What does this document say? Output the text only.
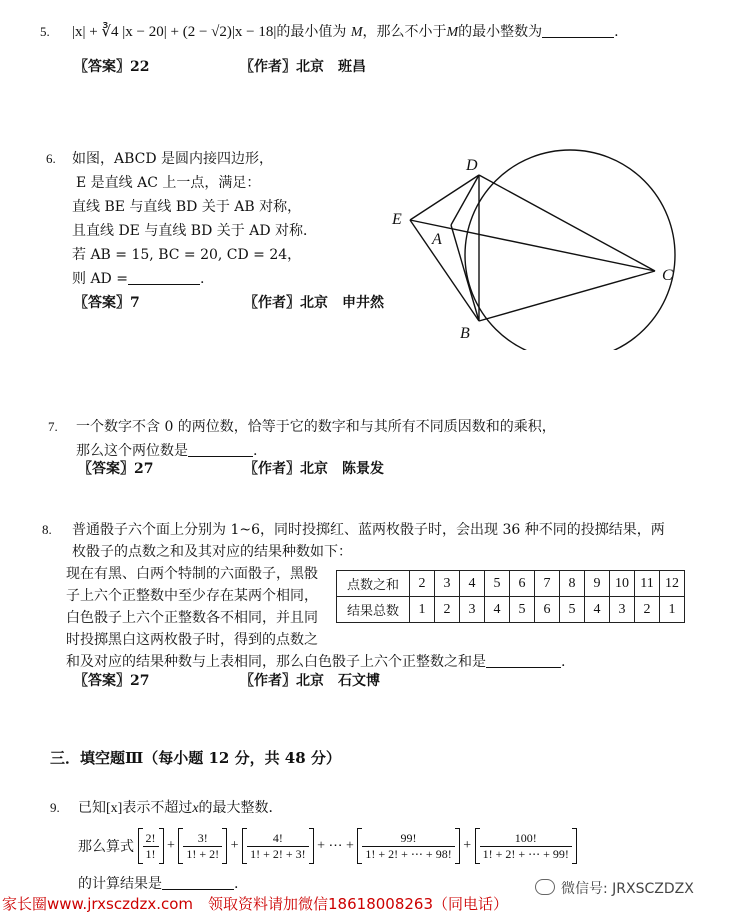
5. |x| + ∛4 |x − 20| + (2 − √2)|x − 18|的最小值为 M，那么不小于M的最小整数为	.
〖答案〗22	〖作者〗北京　班昌
6. 如图，ABCD 是圆内接四边形，
E 是直线 AC 上一点，满足：
直线 BE 与直线 BD 关于 AB 对称，
且直线 DE 与直线 BD 关于 AD 对称．
若 AB = 15, BC = 20, CD = 24，
则 AD =	.
〖答案〗7	〖作者〗北京　申井然
D
E
A
B
C
7. 一个数字不含 0 的两位数，恰等于它的数字和与其所有不同质因数和的乘积，
那么这个两位数是	.
〖答案〗27	〖作者〗北京　陈景发
8. 普通骰子六个面上分别为 1~6，同时投掷红、蓝两枚骰子时，会出现 36 种不同的投掷结果，两
枚骰子的点数之和及其对应的结果种数如下：
现在有黑、白两个特制的六面骰子，黑骰
子上六个正整数中至少存在某两个相同，
白色骰子上六个正整数各不相同，并且同
时投掷黑白这两枚骰子时，得到的点数之
和及对应的结果种数与上表相同，那么白色骰子上六个正整数之和是	.
〖答案〗27	〖作者〗北京　石文博
点数之和	2	3	4	5	6	7	8	9	10	11	12
结果总数	1	2	3	4	5	6	5	4	3	2	1
三．填空题Ⅲ（每小题 12 分，共 48 分）
9. 已知[x]表示不超过x的最大整数．
那么算式 $\frac{2!}{1!} + \frac{3!}{1! + 2!} + \frac{4!}{1! + 2! + 3!}$ + ⋯ + $\frac{99!}{1! + 2! + \cdots + 98!} + \frac{100!}{1! + 2! + \cdots + 99!}$
的计算结果是	.
家长圈www.jrxsczdzx.com　领取资料请加微信18618008263（同电话）
微信号: JRXSCZDZX
